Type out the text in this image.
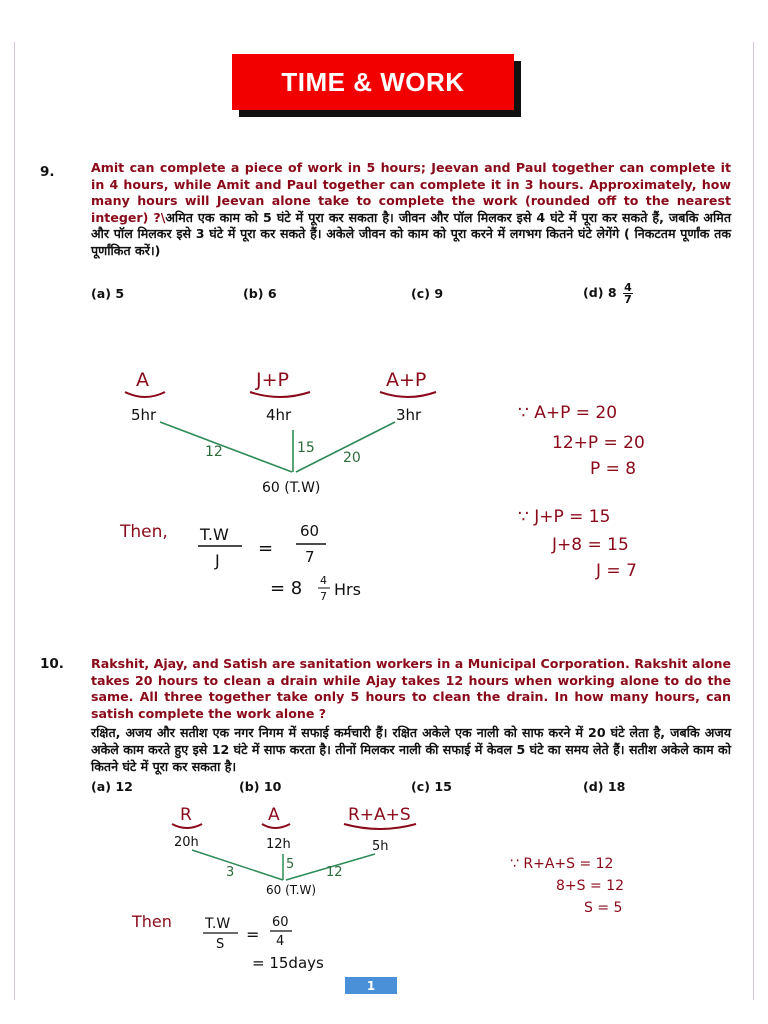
TIME & WORK
9.	Amit can complete a piece of work in 5 hours; Jeevan and Paul together can complete it in 4 hours, while Amit and Paul together can complete it in 3 hours. Approximately, how many hours will Jeevan alone take to complete the work (rounded off to the nearest integer) ?\अमित एक काम को 5 घंटे में पूरा कर सकता है। जीवन और पॉल मिलकर इसे 4 घंटे में पूरा कर सकते हैं, जबकि अमित और पॉल मिलकर इसे 3 घंटे में पूरा कर सकते हैं। अकेले जीवन को काम को पूरा करने में लगभग कितने घंटे लेगेंगे ( निकटतम पूर्णांक तक पूर्णांकित करें।)
(a) 5	(b) 6	(c) 9	(d) $8 \frac{4}{7}$
A	J+P	A+P
5hr	4hr	3hr
12	15
20
60 (T.W)
∵ A+P = 20
12+P = 20
P = 8
∵ J+P = 15
J+8 = 15
J = 7
Then, T.W
J
=
60
7
= 8 4
7 Hrs
10. Rakshit, Ajay, and Satish are sanitation workers in a Municipal Corporation. Rakshit alone takes 20 hours to clean a drain while Ajay takes 12 hours when working alone to do the same. All three together take only 5 hours to clean the drain. In how many hours, can satish complete the work alone ?
रक्षित, अजय और सतीश एक नगर निगम में सफाई कर्मचारी हैं। रक्षित अकेले एक नाली को साफ करने में 20 घंटे लेता है, जबकि अजय अकेले काम करते हुए इसे 12 घंटे में साफ करता है। तीनों मिलकर नाली की सफाई में केवल 5 घंटे का समय लेते हैं। सतीश अकेले काम को कितने घंटे में पूरा कर सकता है।
(a) 12	(b) 10	(c) 15	(d) 18
R	A	R+A+S
20h	12h	5h
3
5
12
60 (T.W)
∵ R+A+S = 12
8+S = 12
S = 5
Then T.W
S
=
60
4
= 15days
1
